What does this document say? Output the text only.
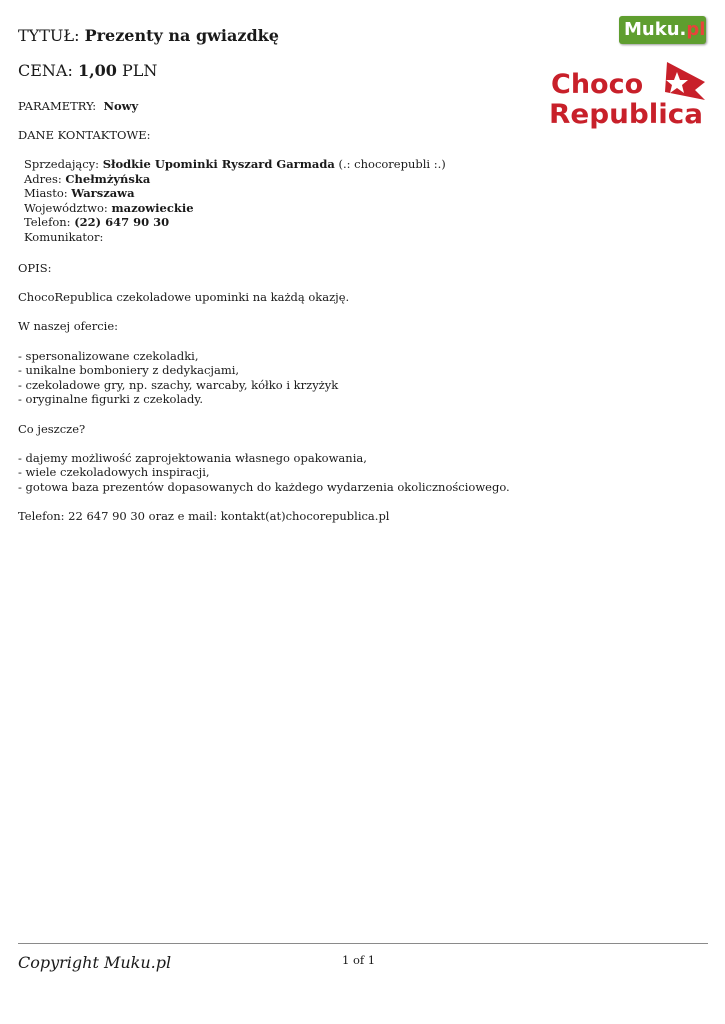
TYTUŁ: Prezenty na gwiazdkę
CENA: 1,00 PLN
PARAMETRY: Nowy
Muku.pl
Choco
Republica
DANE KONTAKTOWE:
Sprzedający: Słodkie Upominki Ryszard Garmada (.: chocorepubli :.)
Adres: Chełmżyńska
Miasto: Warszawa
Województwo: mazowieckie
Telefon: (22) 647 90 30
Komunikator:

OPIS:

ChocoRepublica czekoladowe upominki na każdą okazję.

W naszej ofercie:

- spersonalizowane czekoladki,
- unikalne bomboniery z dedykacjami,
- czekoladowe gry, np. szachy, warcaby, kółko i krzyżyk
- oryginalne figurki z czekolady.

Co jeszcze?

- dajemy możliwość zaprojektowania własnego opakowania,
- wiele czekoladowych inspiracji,
- gotowa baza prezentów dopasowanych do każdego wydarzenia okolicznościowego.

Telefon: 22 647 90 30 oraz e mail: kontakt(at)chocorepublica.pl

Copyright Muku.pl	1 of 1
